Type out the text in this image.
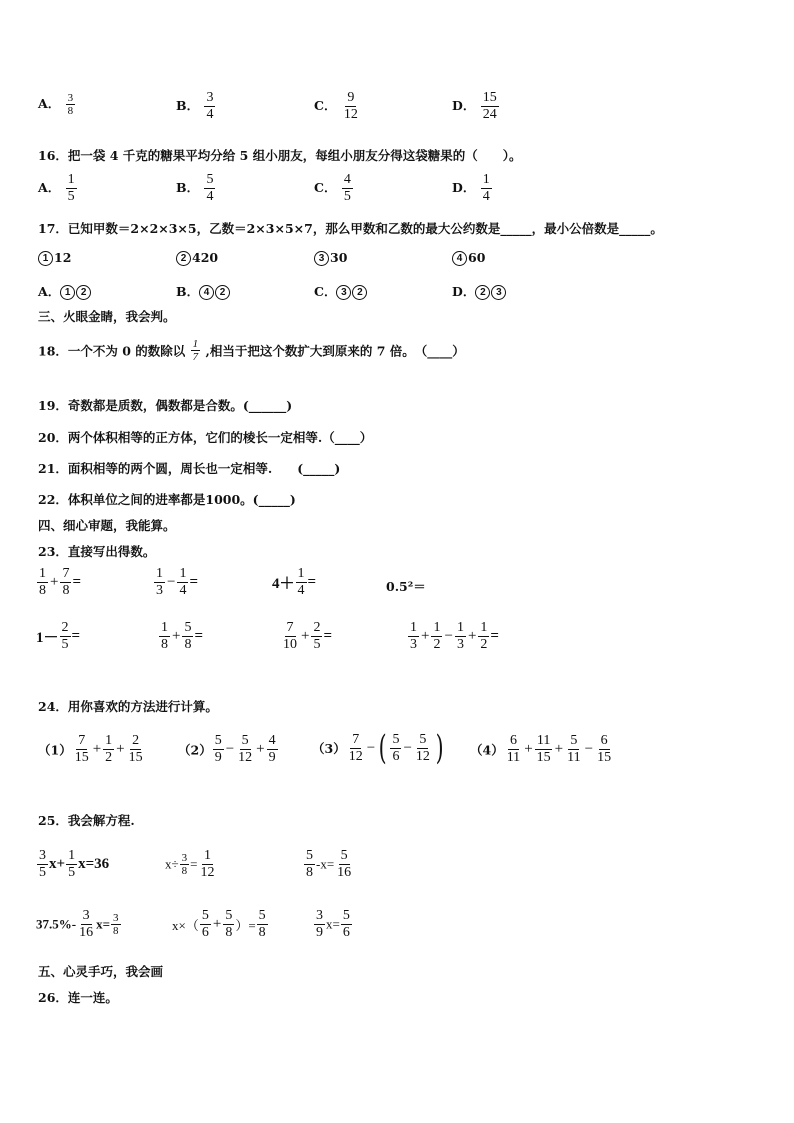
A． $\frac{3}{8}$	B． $\frac{3}{4}$	C． $\frac{9}{12}$	D． $\frac{15}{24}$
16．把一袋 4 千克的糖果平均分给 5 组小朋友，每组小朋友分得这袋糖果的（　　）。
A． $\frac{1}{5}$	B． $\frac{5}{4}$	C． $\frac{4}{5}$	D． $\frac{1}{4}$
17．已知甲数＝2×2×3×5，乙数＝2×3×5×7，那么甲数和乙数的最大公约数是_____，最小公倍数是_____。
1 12	2 420	3 30	4 60
A． 1 2	B． 4 2	C． 3 2	D． 2 3
三、火眼金睛，我会判。
18．一个不为 0 的数除以 $\frac{1}{7}$ ,相当于把这个数扩大到原来的 7 倍。　（____）
19．奇数都是质数，偶数都是合数。(______)
20．两个体积相等的正方体，它们的棱长一定相等.（____）
21．面积相等的两个圆，周长也一定相等.　　(_____)
22．体积单位之间的进率都是1000。(_____)
四、细心审题，我能算。
23．直接写出得数。
$\frac{1}{8} + \frac{7}{8}$ =	$\frac{1}{3} - \frac{1}{4}$ =	$4+ \frac{1}{4}$ =	0.5²＝
$1- \frac{2}{5}$ =	$\frac{1}{8} + \frac{5}{8}$ =	$\frac{7}{10} + \frac{2}{5}$ =	$\frac{1}{3} + \frac{1}{2} - \frac{1}{3} + \frac{1}{2}$ =
24．用你喜欢的方法进行计算。
$(1) \frac{7}{15} + \frac{1}{2} + \frac{2}{15}$	$(2) \frac{5}{9} - \frac{5}{12} + \frac{4}{9}$	$(3) \frac{7}{12}$ − ( $\frac{5}{6} - \frac{5}{12}$ ) $(4) \frac{6}{11} + \frac{11}{15} + \frac{5}{11} - \frac{6}{15}$
25．我会解方程.
$\frac{3}{5} x+ \frac{1}{5} x=36$	$x\div \frac{3}{8} = \frac{1}{12}$	$\frac{5}{8} -x= \frac{5}{16}$
$37.5\%- \frac{3}{16} x= \frac{3}{8}$	$x\times( \frac{5}{6} + \frac{5}{8}$ ）= $\frac{5}{8}$	$\frac{3}{9} x= \frac{5}{6}$
五、心灵手巧，我会画
26．连一连。
